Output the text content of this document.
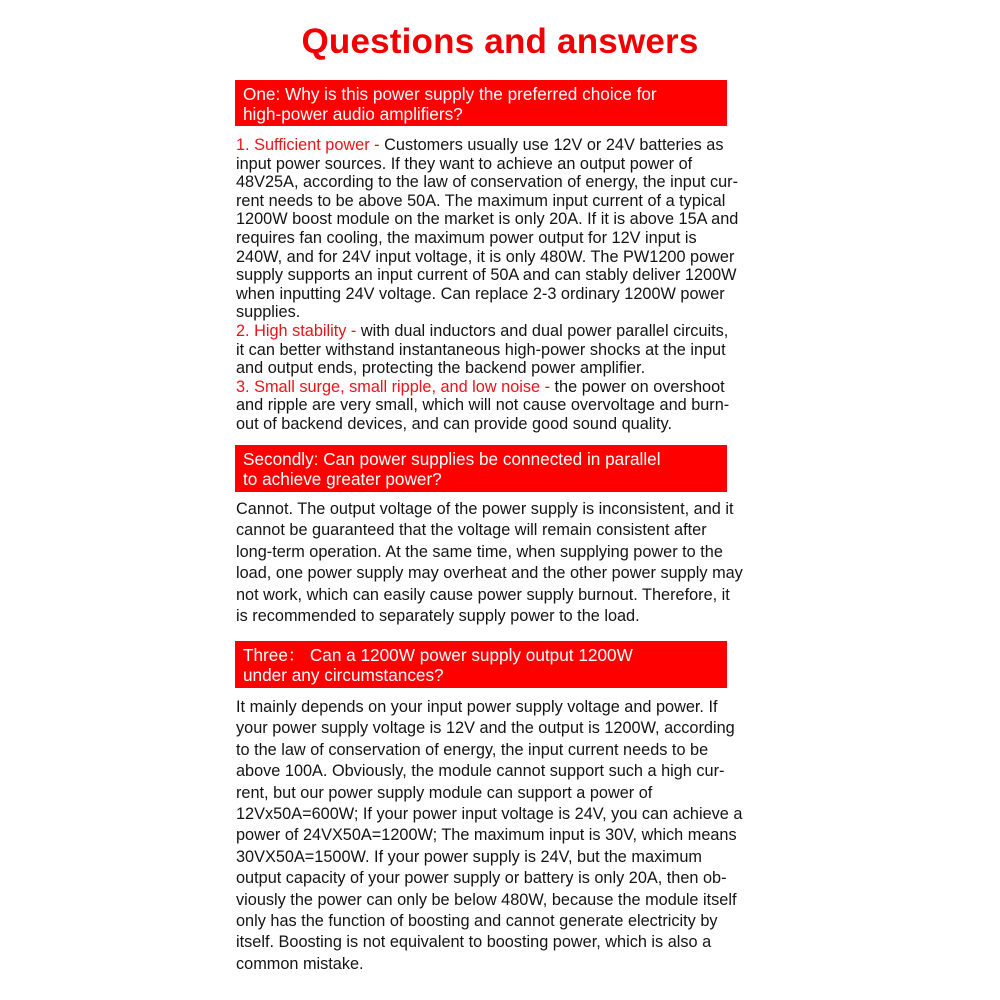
Questions and answers
One: Why is this power supply the preferred choice for
high-power audio amplifiers?
1. Sufficient power - Customers usually use 12V or 24V batteries as
input power sources. If they want to achieve an output power of
48V25A, according to the law of conservation of energy, the input cur-
rent needs to be above 50A. The maximum input current of a typical
1200W boost module on the market is only 20A. If it is above 15A and
requires fan cooling, the maximum power output for 12V input is
240W, and for 24V input voltage, it is only 480W. The PW1200 power
supply supports an input current of 50A and can stably deliver 1200W
when inputting 24V voltage. Can replace 2-3 ordinary 1200W power
supplies.
2. High stability - with dual inductors and dual power parallel circuits,
it can better withstand instantaneous high-power shocks at the input
and output ends, protecting the backend power amplifier.
3. Small surge, small ripple, and low noise - the power on overshoot
and ripple are very small, which will not cause overvoltage and burn-
out of backend devices, and can provide good sound quality.
Secondly: Can power supplies be connected in parallel
to achieve greater power?
Cannot. The output voltage of the power supply is inconsistent, and it
cannot be guaranteed that the voltage will remain consistent after
long-term operation. At the same time, when supplying power to the
load, one power supply may overheat and the other power supply may
not work, which can easily cause power supply burnout. Therefore, it
is recommended to separately supply power to the load.
Three： Can a 1200W power supply output 1200W
under any circumstances?
It mainly depends on your input power supply voltage and power. If
your power supply voltage is 12V and the output is 1200W, according
to the law of conservation of energy, the input current needs to be
above 100A. Obviously, the module cannot support such a high cur-
rent, but our power supply module can support a power of
12Vx50A=600W; If your power input voltage is 24V, you can achieve a
power of 24VX50A=1200W; The maximum input is 30V, which means
30VX50A=1500W. If your power supply is 24V, but the maximum
output capacity of your power supply or battery is only 20A, then ob-
viously the power can only be below 480W, because the module itself
only has the function of boosting and cannot generate electricity by
itself. Boosting is not equivalent to boosting power, which is also a
common mistake.
